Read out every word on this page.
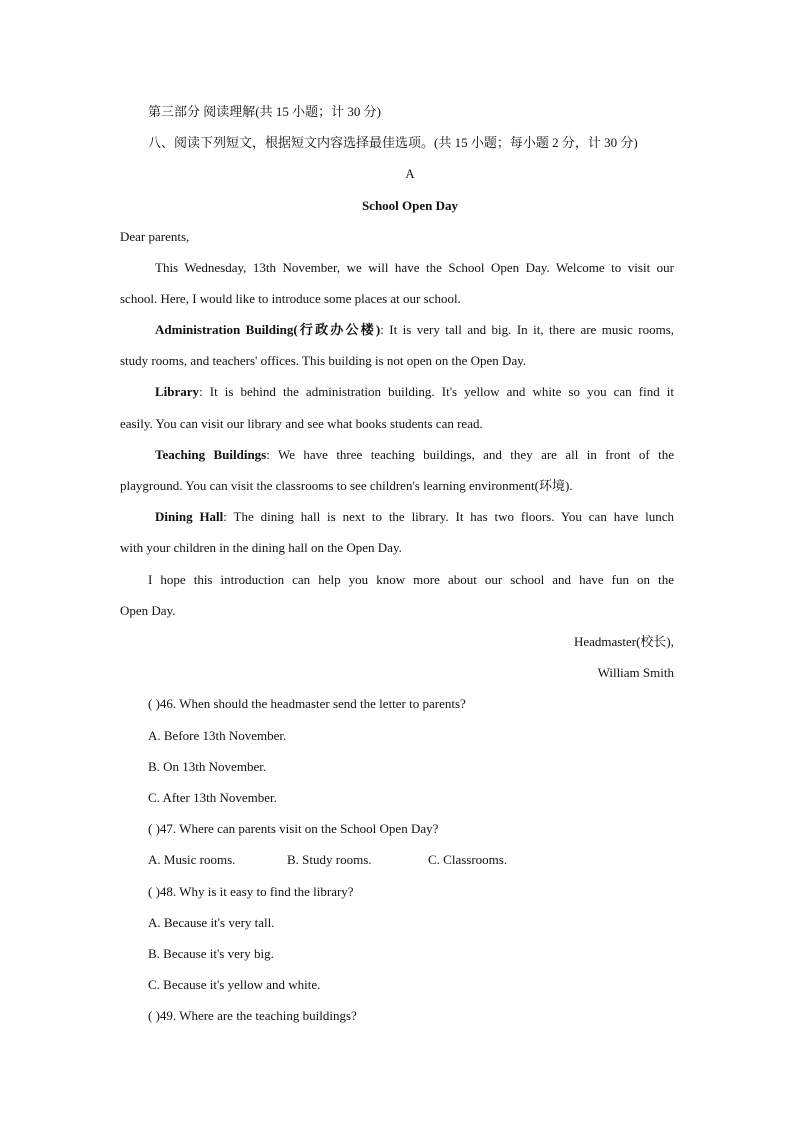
第三部分 阅读理解(共 15 小题；计 30 分)
八、阅读下列短文，根据短文内容选择最佳选项。(共 15 小题；每小题 2 分，计 30 分)
A
School Open Day
Dear parents,
This Wednesday, 13th November, we will have the School Open Day. Welcome to visit our
school. Here, I would like to introduce some places at our school.
Administration Building(行政办公楼): It is very tall and big. In it, there are music rooms,
study rooms, and teachers' offices. This building is not open on the Open Day.
Library: It is behind the administration building. It's yellow and white so you can find it
easily. You can visit our library and see what books students can read.
Teaching Buildings: We have three teaching buildings, and they are all in front of the
playground. You can visit the classrooms to see children's learning environment(环境).
Dining Hall: The dining hall is next to the library. It has two floors. You can have lunch
with your children in the dining hall on the Open Day.
I hope this introduction can help you know more about our school and have fun on the
Open Day.
Headmaster(校长),
William Smith
( )46. When should the headmaster send the letter to parents?
A. Before 13th November.
B. On 13th November.
C. After 13th November.
( )47. Where can parents visit on the School Open Day?
A. Music rooms.	B. Study rooms.	C. Classrooms.
( )48. Why is it easy to find the library?
A. Because it's very tall.
B. Because it's very big.
C. Because it's yellow and white.
( )49. Where are the teaching buildings?
